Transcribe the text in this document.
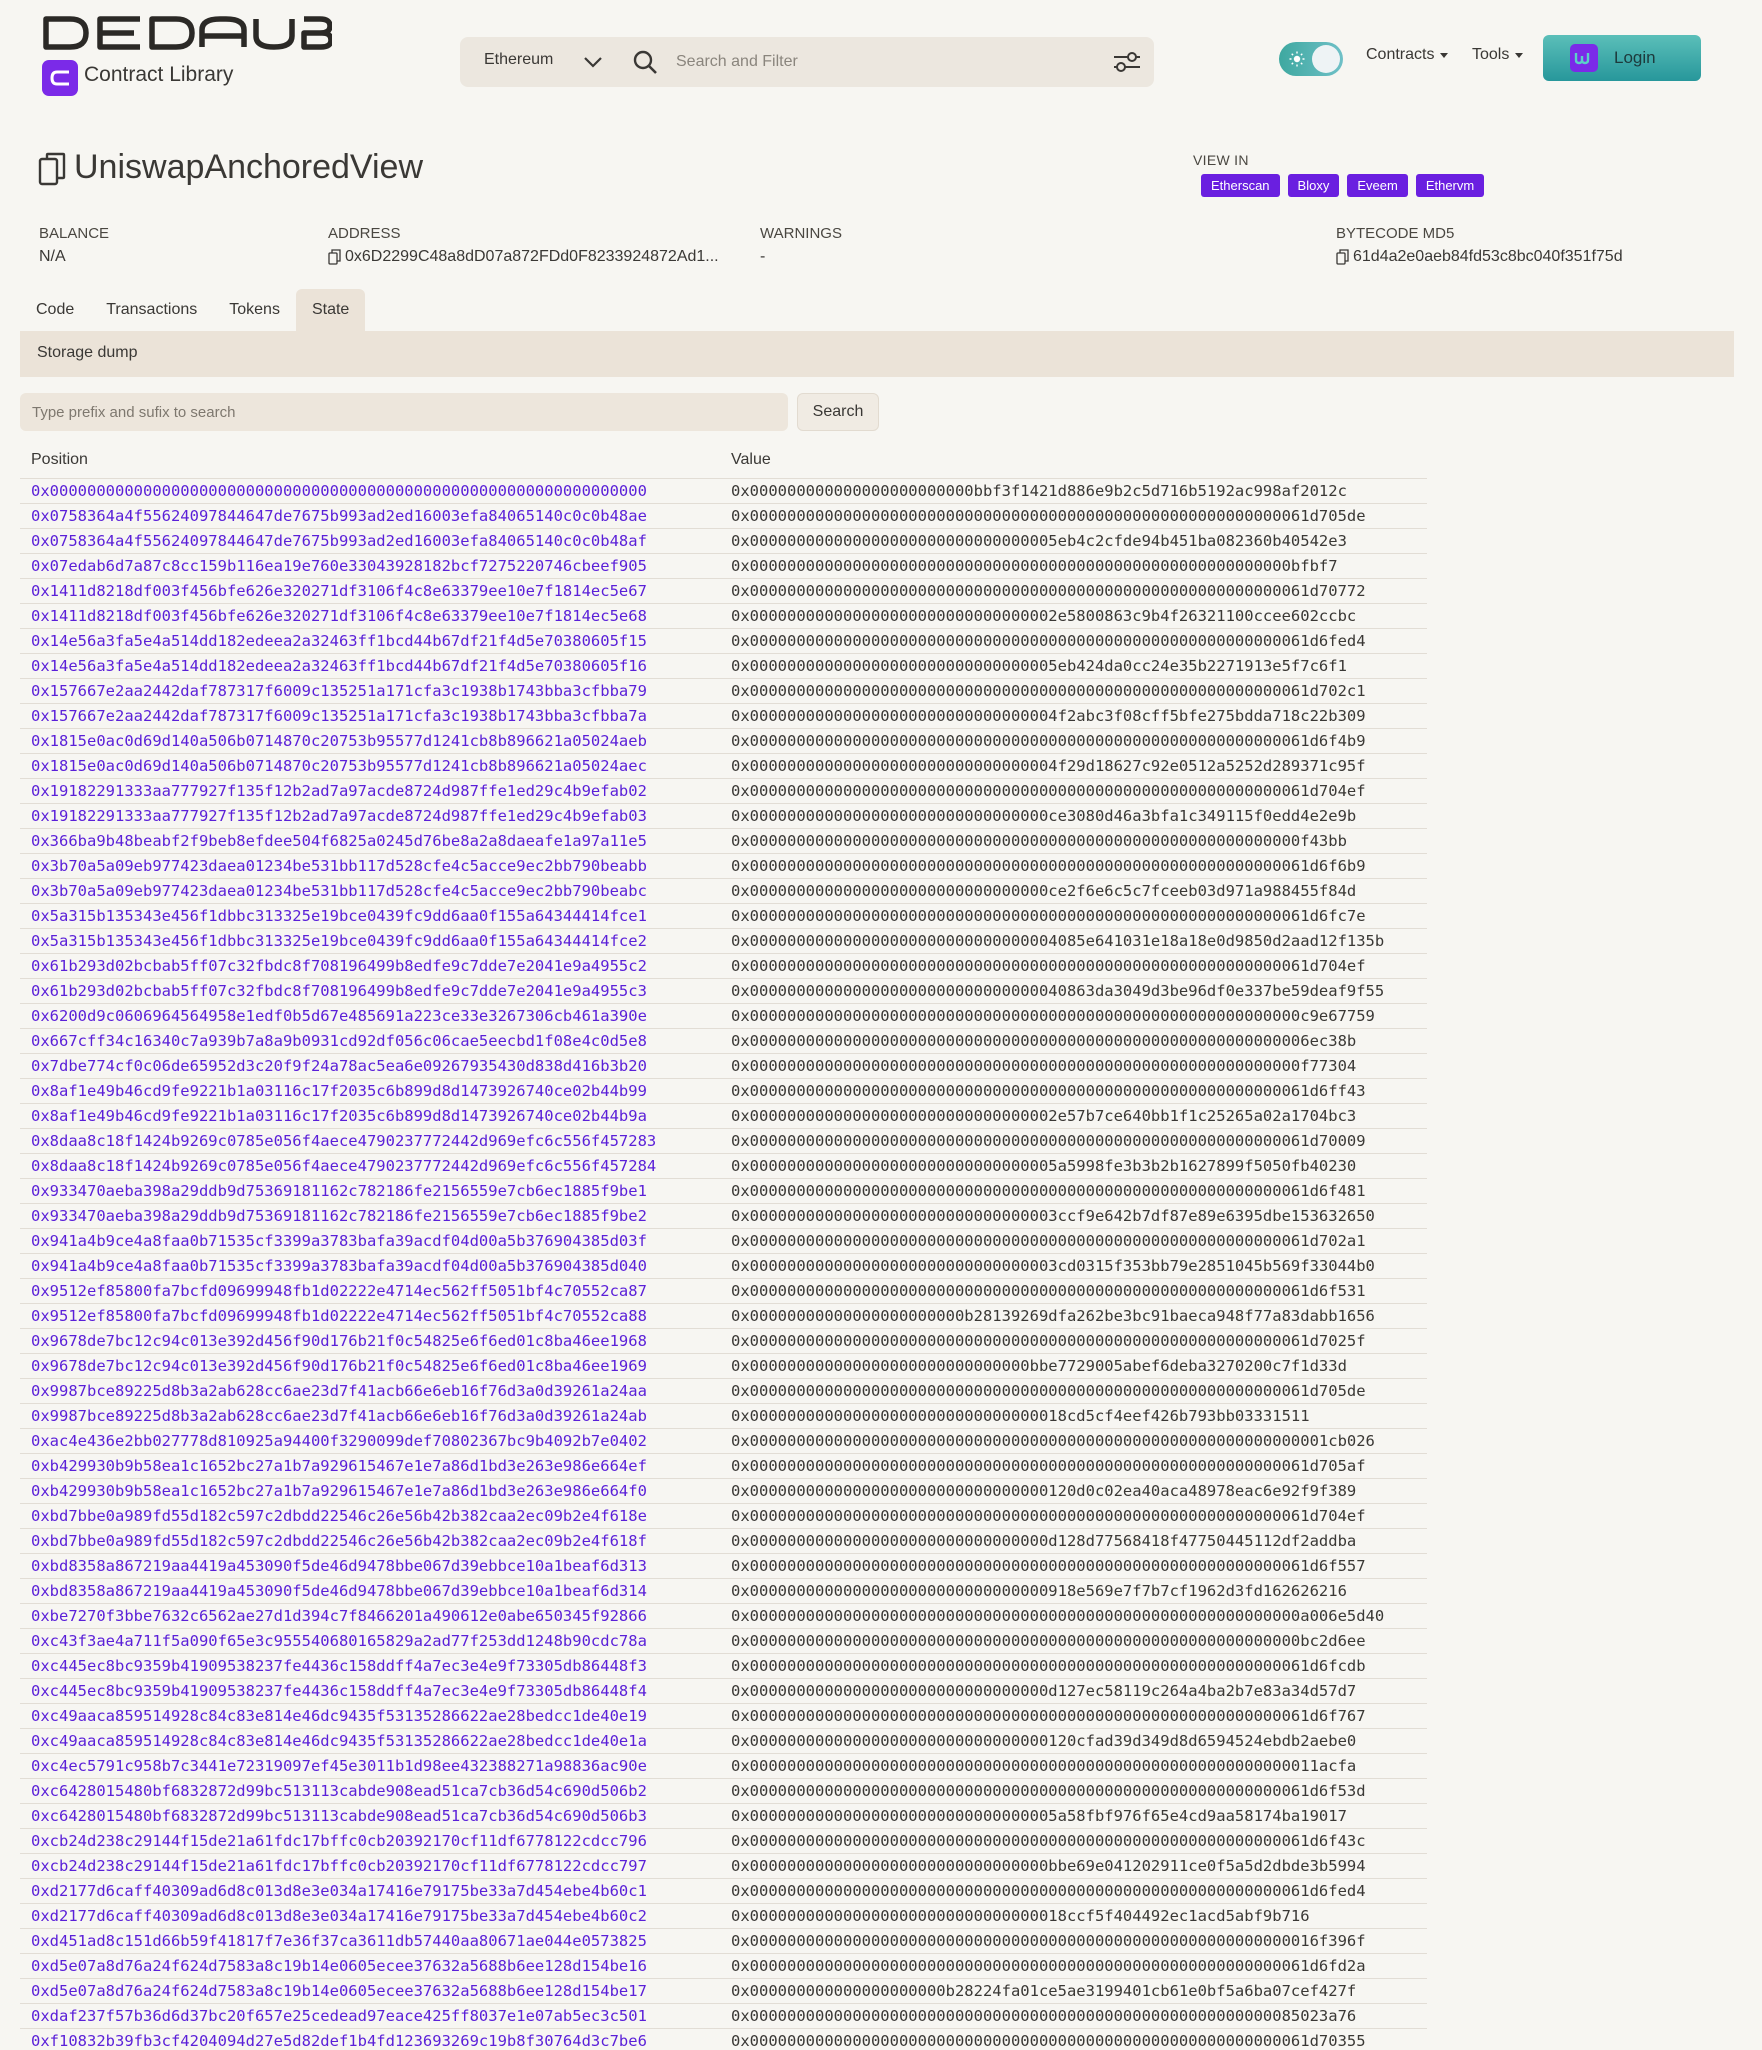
Contract Library
Ethereum
Search and Filter	Contracts Tools	Login
UniswapAnchoredView	VIEW IN
Etherscan	Bloxy	Eveem	Ethervm
BALANCE
N/A
ADDRESS
0x6D2299C48a8dD07a872FDd0F8233924872Ad1...
WARNINGS
-
BYTECODE MD5
61d4a2e0aeb84fd53c8bc040f351f75d
Code	Transactions	Tokens	State
Storage dump
Type prefix and sufix to search
Search
Position	Value
0x0000000000000000000000000000000000000000000000000000000000000000	0x000000000000000000000000bbf3f1421d886e9b2c5d716b5192ac998af2012c
0x0758364a4f55624097844647de7675b993ad2ed16003efa84065140c0c0b48ae	0x000000000000000000000000000000000000000000000000000000000061d705de
0x0758364a4f55624097844647de7675b993ad2ed16003efa84065140c0c0b48af	0x000000000000000000000000000000005eb4c2cfde94b451ba082360b40542e3
0x07edab6d7a87c8cc159b116ea19e760e33043928182bcf7275220746cbeef905	0x0000000000000000000000000000000000000000000000000000000000bfbf7
0x1411d8218df003f456bfe626e320271df3106f4c8e63379ee10e7f1814ec5e67	0x000000000000000000000000000000000000000000000000000000000061d70772
0x1411d8218df003f456bfe626e320271df3106f4c8e63379ee10e7f1814ec5e68	0x000000000000000000000000000000002e5800863c9b4f26321100ccee602ccbc
0x14e56a3fa5e4a514dd182edeea2a32463ff1bcd44b67df21f4d5e70380605f15	0x000000000000000000000000000000000000000000000000000000000061d6fed4
0x14e56a3fa5e4a514dd182edeea2a32463ff1bcd44b67df21f4d5e70380605f16	0x000000000000000000000000000000005eb424da0cc24e35b2271913e5f7c6f1
0x157667e2aa2442daf787317f6009c135251a171cfa3c1938b1743bba3cfbba79	0x000000000000000000000000000000000000000000000000000000000061d702c1
0x157667e2aa2442daf787317f6009c135251a171cfa3c1938b1743bba3cfbba7a	0x000000000000000000000000000000004f2abc3f08cff5bfe275bdda718c22b309
0x1815e0ac0d69d140a506b0714870c20753b95577d1241cb8b896621a05024aeb	0x000000000000000000000000000000000000000000000000000000000061d6f4b9
0x1815e0ac0d69d140a506b0714870c20753b95577d1241cb8b896621a05024aec	0x000000000000000000000000000000004f29d18627c92e0512a5252d289371c95f
0x19182291333aa777927f135f12b2ad7a97acde8724d987ffe1ed29c4b9efab02	0x000000000000000000000000000000000000000000000000000000000061d704ef
0x19182291333aa777927f135f12b2ad7a97acde8724d987ffe1ed29c4b9efab03	0x00000000000000000000000000000000ce3080d46a3bfa1c349115f0edd4e2e9b
0x366ba9b48beabf2f9beb8efdee504f6825a0245d76be8a2a8daeafe1a97a11e5	0x00000000000000000000000000000000000000000000000000000000000f43bb
0x3b70a5a09eb977423daea01234be531bb117d528cfe4c5acce9ec2bb790beabb	0x000000000000000000000000000000000000000000000000000000000061d6f6b9
0x3b70a5a09eb977423daea01234be531bb117d528cfe4c5acce9ec2bb790beabc	0x00000000000000000000000000000000ce2f6e6c5c7fceeb03d971a988455f84d
0x5a315b135343e456f1dbbc313325e19bce0439fc9dd6aa0f155a64344414fce1	0x000000000000000000000000000000000000000000000000000000000061d6fc7e
0x5a315b135343e456f1dbbc313325e19bce0439fc9dd6aa0f155a64344414fce2	0x000000000000000000000000000000004085e641031e18a18e0d9850d2aad12f135b
0x61b293d02bcbab5ff07c32fbdc8f708196499b8edfe9c7dde7e2041e9a4955c2	0x000000000000000000000000000000000000000000000000000000000061d704ef
0x61b293d02bcbab5ff07c32fbdc8f708196499b8edfe9c7dde7e2041e9a4955c3	0x0000000000000000000000000000000040863da3049d3be96df0e337be59deaf9f55
0x6200d9c0606964564958e1edf0b5d67e485691a223ce33e3267306cb461a390e	0x00000000000000000000000000000000000000000000000000000000000c9e67759
0x667cff34c16340c7a939b7a8a9b0931cd92df056c06cae5eecbd1f08e4c0d5e8	0x000000000000000000000000000000000000000000000000000000000006ec38b
0x7dbe774cf0c06de65952d3c20f9f24a78ac5ea6e09267935430d838d416b3b20	0x00000000000000000000000000000000000000000000000000000000000f77304
0x8af1e49b46cd9fe9221b1a03116c17f2035c6b899d8d1473926740ce02b44b99	0x000000000000000000000000000000000000000000000000000000000061d6ff43
0x8af1e49b46cd9fe9221b1a03116c17f2035c6b899d8d1473926740ce02b44b9a	0x000000000000000000000000000000002e57b7ce640bb1f1c25265a02a1704bc3
0x8daa8c18f1424b9269c0785e056f4aece4790237772442d969efc6c556f457283	0x000000000000000000000000000000000000000000000000000000000061d70009
0x8daa8c18f1424b9269c0785e056f4aece4790237772442d969efc6c556f457284	0x000000000000000000000000000000005a5998fe3b3b2b1627899f5050fb40230
0x933470aeba398a29ddb9d75369181162c782186fe2156559e7cb6ec1885f9be1	0x000000000000000000000000000000000000000000000000000000000061d6f481
0x933470aeba398a29ddb9d75369181162c782186fe2156559e7cb6ec1885f9be2	0x000000000000000000000000000000003ccf9e642b7df87e89e6395dbe153632650
0x941a4b9ce4a8faa0b71535cf3399a3783bafa39acdf04d00a5b376904385d03f	0x000000000000000000000000000000000000000000000000000000000061d702a1
0x941a4b9ce4a8faa0b71535cf3399a3783bafa39acdf04d00a5b376904385d040	0x000000000000000000000000000000003cd0315f353bb79e2851045b569f33044b0
0x9512ef85800fa7bcfd09699948fb1d02222e4714ec562ff5051bf4c70552ca87	0x000000000000000000000000000000000000000000000000000000000061d6f531
0x9512ef85800fa7bcfd09699948fb1d02222e4714ec562ff5051bf4c70552ca88	0x00000000000000000000000b28139269dfa262be3bc91baeca948f77a83dabb1656
0x9678de7bc12c94c013e392d456f90d176b21f0c54825e6f6ed01c8ba46ee1968	0x000000000000000000000000000000000000000000000000000000000061d7025f
0x9678de7bc12c94c013e392d456f90d176b21f0c54825e6f6ed01c8ba46ee1969	0x000000000000000000000000000000bbe7729005abef6deba3270200c7f1d33d
0x9987bce89225d8b3a2ab628cc6ae23d7f41acb66e6eb16f76d3a0d39261a24aa	0x000000000000000000000000000000000000000000000000000000000061d705de
0x9987bce89225d8b3a2ab628cc6ae23d7f41acb66e6eb16f76d3a0d39261a24ab	0x0000000000000000000000000000000018cd5cf4eef426b793bb03331511
0xac4e436e2bb027778d810925a94400f3290099def70802367bc9b4092b7e0402	0x00000000000000000000000000000000000000000000000000000000000001cb026
0xb429930b9b58ea1c1652bc27a1b7a929615467e1e7a86d1bd3e263e986e664ef	0x000000000000000000000000000000000000000000000000000000000061d705af
0xb429930b9b58ea1c1652bc27a1b7a929615467e1e7a86d1bd3e263e986e664f0	0x00000000000000000000000000000000120d0c02ea40aca48978eac6e92f9f389
0xbd7bbe0a989fd55d182c597c2dbdd22546c26e56b42b382caa2ec09b2e4f618e	0x000000000000000000000000000000000000000000000000000000000061d704ef
0xbd7bbe0a989fd55d182c597c2dbdd22546c26e56b42b382caa2ec09b2e4f618f	0x00000000000000000000000000000000d128d77568418f47750445112df2addba
0xbd8358a867219aa4419a453090f5de46d9478bbe067d39ebbce10a1beaf6d313	0x000000000000000000000000000000000000000000000000000000000061d6f557
0xbd8358a867219aa4419a453090f5de46d9478bbe067d39ebbce10a1beaf6d314	0x00000000000000000000000000000000918e569e7f7b7cf1962d3fd162626216
0xbe7270f3bbe7632c6562ae27d1d394c7f8466201a490612e0abe650345f92866	0x00000000000000000000000000000000000000000000000000000000000a006e5d40
0xc43f3ae4a711f5a090f65e3c955540680165829a2ad77f253dd1248b90cdc78a	0x00000000000000000000000000000000000000000000000000000000000bc2d6ee
0xc445ec8bc9359b41909538237fe4436c158ddff4a7ec3e4e9f73305db86448f3	0x000000000000000000000000000000000000000000000000000000000061d6fcdb
0xc445ec8bc9359b41909538237fe4436c158ddff4a7ec3e4e9f73305db86448f4	0x00000000000000000000000000000000d127ec58119c264a4ba2b7e83a34d57d7
0xc49aaca859514928c84c83e814e46dc9435f53135286622ae28bedcc1de40e19	0x000000000000000000000000000000000000000000000000000000000061d6f767
0xc49aaca859514928c84c83e814e46dc9435f53135286622ae28bedcc1de40e1a	0x00000000000000000000000000000000120cfad39d349d8d6594524ebdb2aebe0
0xc4ec5791c958b7c3441e72319097ef45e3011b1d98ee432388271a98836ac90e	0x0000000000000000000000000000000000000000000000000000000000011acfa
0xc6428015480bf6832872d99bc513113cabde908ead51ca7cb36d54c690d506b2	0x000000000000000000000000000000000000000000000000000000000061d6f53d
0xc6428015480bf6832872d99bc513113cabde908ead51ca7cb36d54c690d506b3	0x000000000000000000000000000000005a58fbf976f65e4cd9aa58174ba19017
0xcb24d238c29144f15de21a61fdc17bffc0cb20392170cf11df6778122cdcc796	0x000000000000000000000000000000000000000000000000000000000061d6f43c
0xcb24d238c29144f15de21a61fdc17bffc0cb20392170cf11df6778122cdcc797	0x00000000000000000000000000000000bbe69e041202911ce0f5a5d2dbde3b5994
0xd2177d6caff40309ad6d8c013d8e3e034a17416e79175be33a7d454ebe4b60c1	0x000000000000000000000000000000000000000000000000000000000061d6fed4
0xd2177d6caff40309ad6d8c013d8e3e034a17416e79175be33a7d454ebe4b60c2	0x0000000000000000000000000000000018ccf5f404492ec1acd5abf9b716
0xd451ad8c151d66b59f41817f7e36f37ca3611db57440aa80671ae044e0573825	0x0000000000000000000000000000000000000000000000000000000000016f396f
0xd5e07a8d76a24f624d7583a8c19b14e0605ecee37632a5688b6ee128d154be16	0x000000000000000000000000000000000000000000000000000000000061d6fd2a
0xd5e07a8d76a24f624d7583a8c19b14e0605ecee37632a5688b6ee128d154be17	0x000000000000000000000b28224fa01ce5ae3199401cb61e0bf5a6ba07cef427f
0xdaf237f57b36d6d37bc20f657e25cedead97eace425ff8037e1e07ab5ec3c501	0x00000000000000000000000000000000000000000000000000000000085023a76
0xf10832b39fb3cf4204094d27e5d82def1b4fd123693269c19b8f30764d3c7be6	0x000000000000000000000000000000000000000000000000000000000061d70355
